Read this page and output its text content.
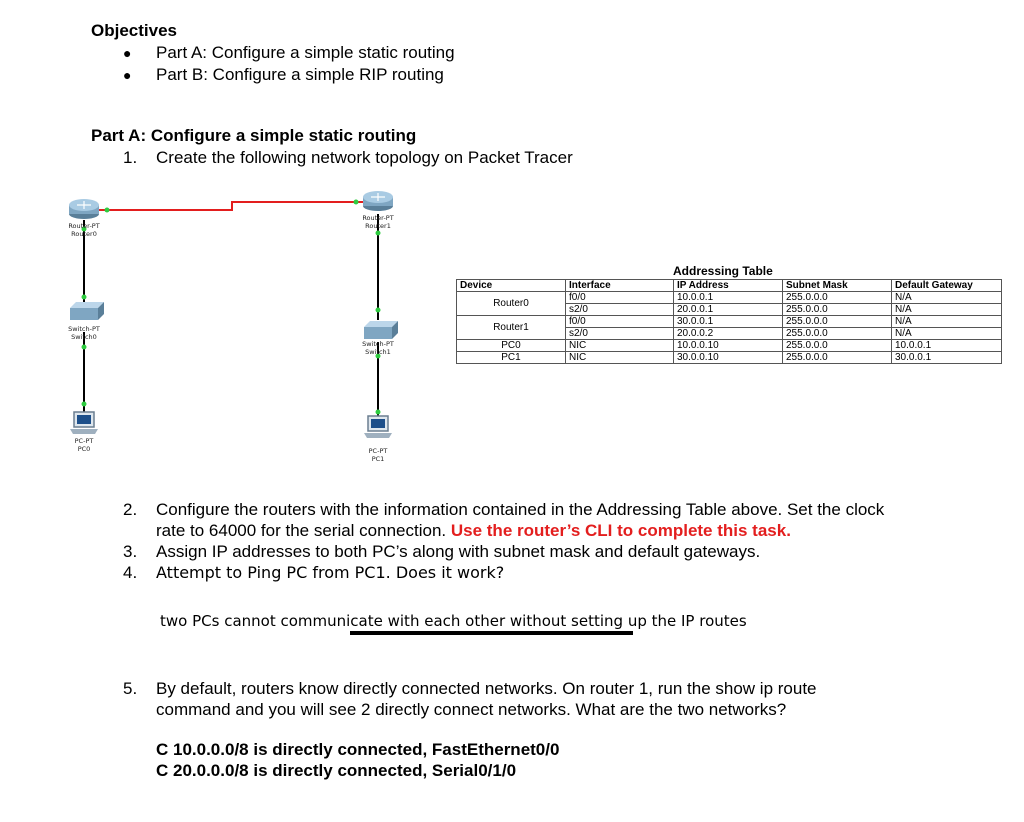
Objectives
● Part A: Configure a simple static routing
● Part B: Configure a simple RIP routing
Part A: Configure a simple static routing
1. Create the following network topology on Packet Tracer
Router-PT
Router0
Router-PT
Router1
Switch-PT
Switch0
Switch-PT
Switch1
PC-PT
PC0	PC-PT
PC1
Addressing Table
Device	Interface	IP Address	Subnet Mask	Default Gateway
Router0	f0/0	10.0.0.1	255.0.0.0	N/A
	s2/0	20.0.0.1	255.0.0.0	N/A
Router1	f0/0	30.0.0.1	255.0.0.0	N/A
	s2/0	20.0.0.2	255.0.0.0	N/A
PC0	NIC	10.0.0.10	255.0.0.0	10.0.0.1
PC1	NIC	30.0.0.10	255.0.0.0	30.0.0.1
2. Configure the routers with the information contained in the Addressing Table above. Set the clock
rate to 64000 for the serial connection. Use the router’s CLI to complete this task.
3. Assign IP addresses to both PC’s along with subnet mask and default gateways.
4. Attempt to Ping PC from PC1. Does it work?
two PCs cannot communicate with each other without setting up the IP routes
5. By default, routers know directly connected networks. On router 1, run the show ip route
command and you will see 2 directly connect networks. What are the two networks?
C 10.0.0.0/8 is directly connected, FastEthernet0/0
C 20.0.0.0/8 is directly connected, Serial0/1/0
